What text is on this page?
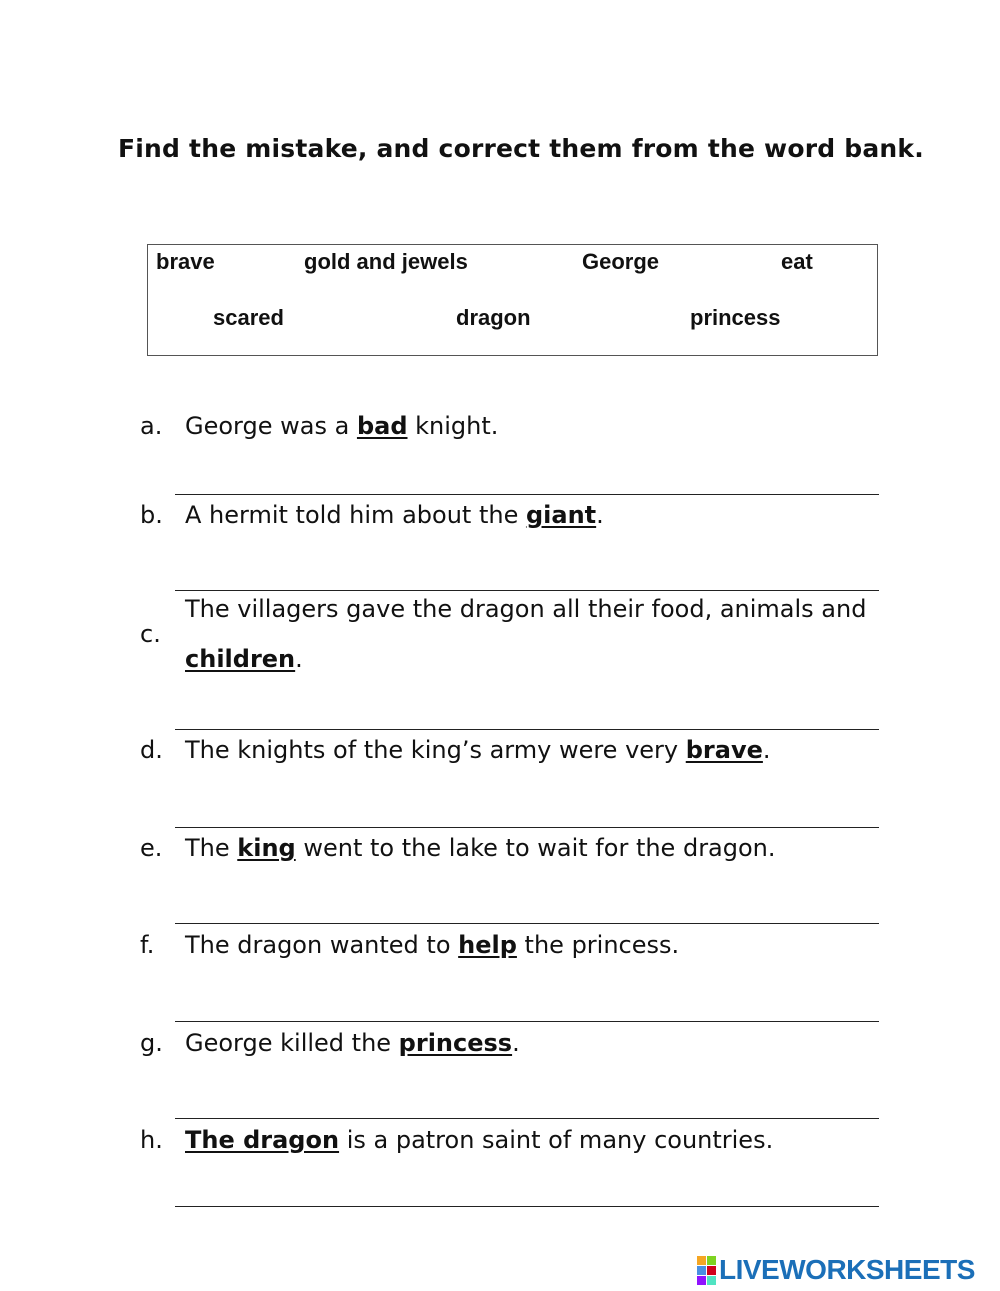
Find the mistake, and correct them from the word bank.
brave	gold and jewels	George	eat
scared	dragon	princess
a. George was a bad knight.
b. A hermit told him about the giant.
c.
The villagers gave the dragon all their food, animals and children.
d. The knights of the king’s army were very brave.
e. The king went to the lake to wait for the dragon.
f. The dragon wanted to help the princess.
g. George killed the princess.
h. The dragon is a patron saint of many countries.
LIVEWORKSHEETS
